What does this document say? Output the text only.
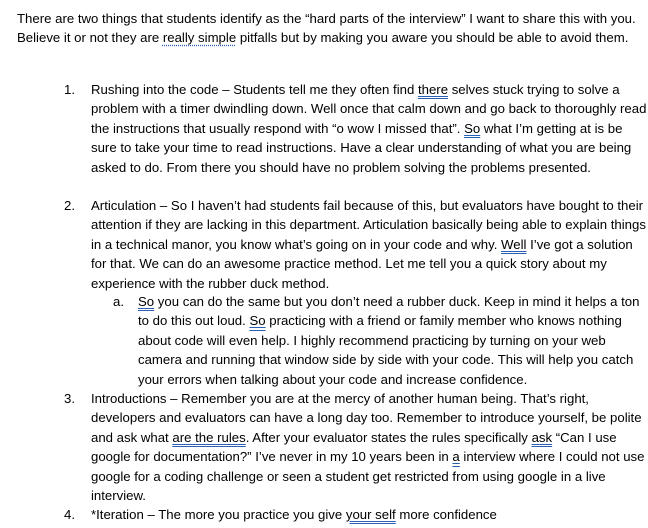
There are two things that students identify as the “hard parts of the interview” I want to share this with you. Believe it or not they are really simple pitfalls but by making you aware you should be able to avoid them.

1. Rushing into the code – Students tell me they often find there selves stuck trying to solve a problem with a timer dwindling down. Well once that calm down and go back to thoroughly read the instructions that usually respond with “o wow I missed that”. So what I’m getting at is be sure to take your time to read instructions. Have a clear understanding of what you are being asked to do. From there you should have no problem solving the problems presented.
2. Articulation – So I haven’t had students fail because of this, but evaluators have bought to their attention if they are lacking in this department. Articulation basically being able to explain things in a technical manor, you know what’s going on in your code and why. Well I’ve got a solution for that. We can do an awesome practice method. Let me tell you a quick story about my experience with the rubber duck method.
a. So you can do the same but you don’t need a rubber duck. Keep in mind it helps a ton to do this out loud. So practicing with a friend or family member who knows nothing about code will even help. I highly recommend practicing by turning on your web camera and running that window side by side with your code. This will help you catch your errors when talking about your code and increase confidence.
3. Introductions – Remember you are at the mercy of another human being. That’s right, developers and evaluators can have a long day too. Remember to introduce yourself, be polite and ask what are the rules. After your evaluator states the rules specifically ask “Can I use google for documentation?” I’ve never in my 10 years been in a interview where I could not use google for a coding challenge or seen a student get restricted from using google in a live interview.
4. *Iteration – The more you practice you give your self more confidence
